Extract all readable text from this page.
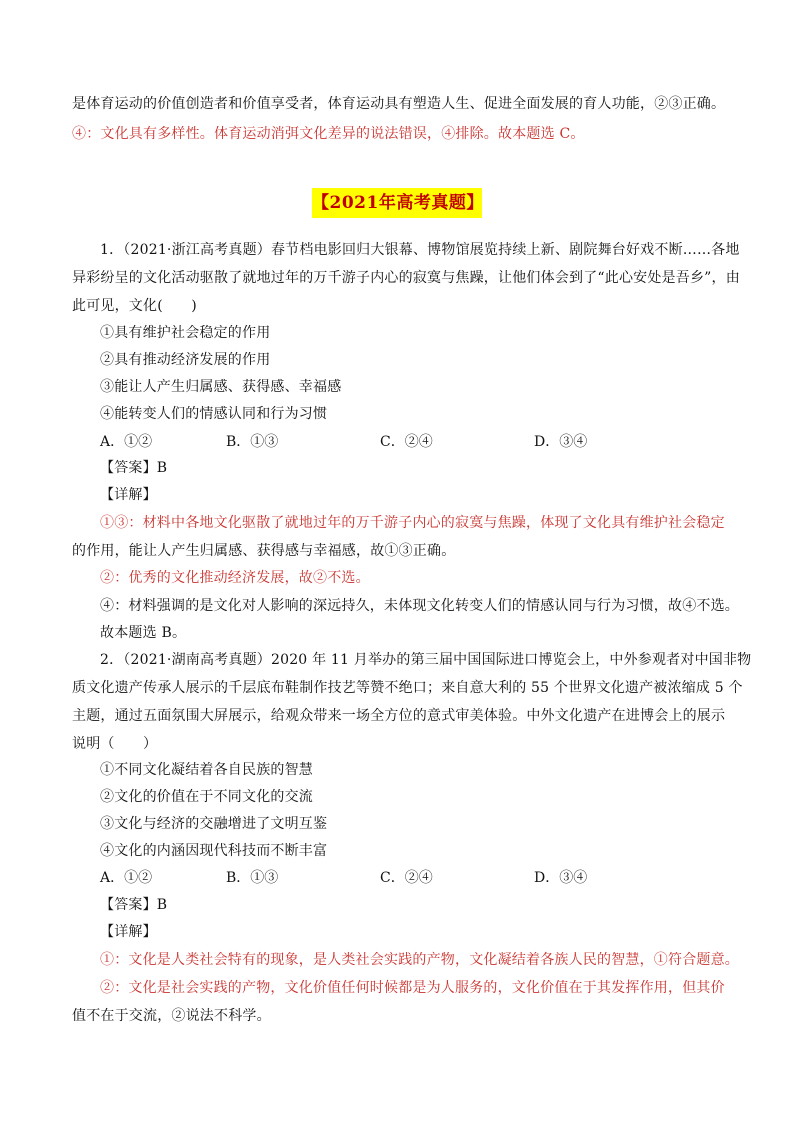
是体育运动的价值创造者和价值享受者，体育运动具有塑造人生、促进全面发展的育人功能，②③正确。
④：文化具有多样性。体育运动消弭文化差异的说法错误，④排除。故本题选 C。
【2021年高考真题】
1．（2021·浙江高考真题）春节档电影回归大银幕、博物馆展览持续上新、剧院舞台好戏不断……各地
异彩纷呈的文化活动驱散了就地过年的万千游子内心的寂寞与焦躁，让他们体会到了“此心安处是吾乡”，由
此可见，文化(　　)
①具有维护社会稳定的作用
②具有推动经济发展的作用
③能让人产生归属感、获得感、幸福感
④能转变人们的情感认同和行为习惯
A．①②	B．①③	C．②④	D．③④
【答案】B
【详解】
①③：材料中各地文化驱散了就地过年的万千游子内心的寂寞与焦躁，体现了文化具有维护社会稳定
的作用，能让人产生归属感、获得感与幸福感，故①③正确。
②：优秀的文化推动经济发展，故②不选。
④：材料强调的是文化对人影响的深远持久，未体现文化转变人们的情感认同与行为习惯，故④不选。
故本题选 B。
2．（2021·湖南高考真题）2020 年 11 月举办的第三届中国国际进口博览会上，中外参观者对中国非物
质文化遗产传承人展示的千层底布鞋制作技艺等赞不绝口；来自意大利的 55 个世界文化遗产被浓缩成 5 个
主题，通过五面氛围大屏展示，给观众带来一场全方位的意式审美体验。中外文化遗产在进博会上的展示
说明（　　）
①不同文化凝结着各自民族的智慧
②文化的价值在于不同文化的交流
③文化与经济的交融增进了文明互鉴
④文化的内涵因现代科技而不断丰富
A．①②	B．①③	C．②④	D．③④
【答案】B
【详解】
①：文化是人类社会特有的现象，是人类社会实践的产物，文化凝结着各族人民的智慧，①符合题意。
②：文化是社会实践的产物，文化价值任何时候都是为人服务的，文化价值在于其发挥作用，但其价
值不在于交流，②说法不科学。
